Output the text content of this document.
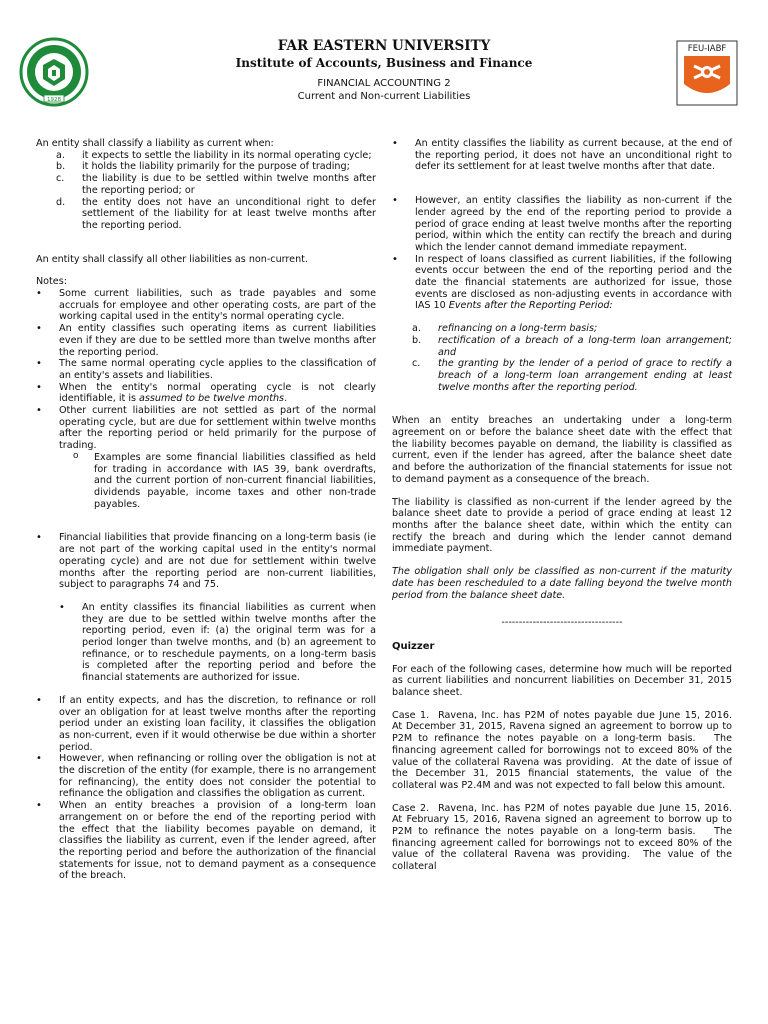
1928
FAR EASTERN UNIVERSITY
Institute of Accounts, Business and Finance
FINANCIAL ACCOUNTING 2
Current and Non-current Liabilities
FEU-IABF
An entity shall classify a liability as current when:
a. it expects to settle the liability in its normal operating cycle;
b. it holds the liability primarily for the purpose of trading;
c. the liability is due to be settled within twelve months after the reporting period; or
d. the entity does not have an unconditional right to defer settlement of the liability for at least twelve months after the reporting period.

An entity shall classify all other liabilities as non-current.

Notes:
• Some current liabilities, such as trade payables and some accruals for employee and other operating costs, are part of the working capital used in the entity's normal operating cycle.
• An entity classifies such operating items as current liabilities even if they are due to be settled more than twelve months after the reporting period.
• The same normal operating cycle applies to the classification of an entity's assets and liabilities.
• When the entity's normal operating cycle is not clearly identifiable, it is assumed to be twelve months.
• Other current liabilities are not settled as part of the normal operating cycle, but are due for settlement within twelve months after the reporting period or held primarily for the purpose of trading.
o Examples are some financial liabilities classified as held for trading in accordance with IAS 39, bank overdrafts, and the current portion of non-current financial liabilities, dividends payable, income taxes and other non-trade payables.
• Financial liabilities that provide financing on a long-term basis (ie are not part of the working capital used in the entity's normal operating cycle) and are not due for settlement within twelve months after the reporting period are non-current liabilities, subject to paragraphs 74 and 75.
• An entity classifies its financial liabilities as current when they are due to be settled within twelve months after the reporting period, even if: (a) the original term was for a period longer than twelve months, and (b) an agreement to refinance, or to reschedule payments, on a long-term basis is completed after the reporting period and before the financial statements are authorized for issue.
• If an entity expects, and has the discretion, to refinance or roll over an obligation for at least twelve months after the reporting period under an existing loan facility, it classifies the obligation as non-current, even if it would otherwise be due within a shorter period.
• However, when refinancing or rolling over the obligation is not at the discretion of the entity (for example, there is no arrangement for refinancing), the entity does not consider the potential to refinance the obligation and classifies the obligation as current.
• When an entity breaches a provision of a long-term loan arrangement on or before the end of the reporting period with the effect that the liability becomes payable on demand, it classifies the liability as current, even if the lender agreed, after the reporting period and before the authorization of the financial statements for issue, not to demand payment as a consequence of the breach.
• An entity classifies the liability as current because, at the end of the reporting period, it does not have an unconditional right to defer its settlement for at least twelve months after that date.
• However, an entity classifies the liability as non-current if the lender agreed by the end of the reporting period to provide a period of grace ending at least twelve months after the reporting period, within which the entity can rectify the breach and during which the lender cannot demand immediate repayment.
• In respect of loans classified as current liabilities, if the following events occur between the end of the reporting period and the date the financial statements are authorized for issue, those events are disclosed as non-adjusting events in accordance with IAS 10 Events after the Reporting Period:
a. refinancing on a long-term basis;
b. rectification of a breach of a long-term loan arrangement; and
c. the granting by the lender of a period of grace to rectify a breach of a long-term loan arrangement ending at least twelve months after the reporting period.

When an entity breaches an undertaking under a long-term agreement on or before the balance sheet date with the effect that the liability becomes payable on demand, the liability is classified as current, even if the lender has agreed, after the balance sheet date and before the authorization of the financial statements for issue not to demand payment as a consequence of the breach.

The liability is classified as non-current if the lender agreed by the balance sheet date to provide a period of grace ending at least 12 months after the balance sheet date, within which the entity can rectify the breach and during which the lender cannot demand immediate payment.

The obligation shall only be classified as non-current if the maturity date has been rescheduled to a date falling beyond the twelve month period from the balance sheet date.

-----------------------------------
Quizzer

For each of the following cases, determine how much will be reported as current liabilities and noncurrent liabilities on December 31, 2015 balance sheet.

Case 1.  Ravena, Inc. has P2M of notes payable due June 15, 2016.   At December 31, 2015, Ravena signed an agreement to borrow up to P2M to refinance the notes payable on a long-term basis.   The financing agreement called for borrowings not to exceed 80% of the value of the collateral Ravena was providing.  At the date of issue of the December 31, 2015 financial statements, the value of the collateral was P2.4M and was not expected to fall below this amount.

Case 2.  Ravena, Inc. has P2M of notes payable due June 15, 2016.   At February 15, 2016, Ravena signed an agreement to borrow up to P2M to refinance the notes payable on a long-term basis.   The financing agreement called for borrowings not to exceed 80% of the value of the collateral Ravena was providing.  The value of the collateral
